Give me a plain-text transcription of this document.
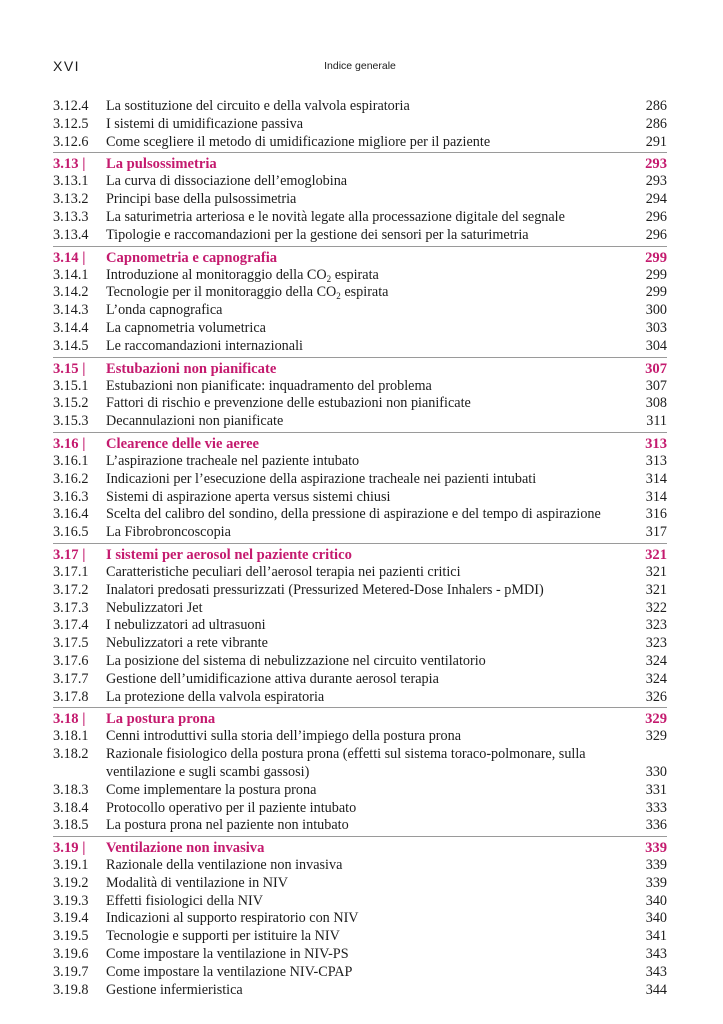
XVI	Indice generale
3.12.4	La sostituzione del circuito e della valvola espiratoria	286
3.12.5	I sistemi di umidificazione passiva	286
3.12.6	Come scegliere il metodo di umidificazione migliore per il paziente	291
3.13 |	La pulsossimetria	293
3.13.1	La curva di dissociazione dell’emoglobina	293
3.13.2	Principi base della pulsossimetria	294
3.13.3	La saturimetria arteriosa e le novità legate alla processazione digitale del segnale	296
3.13.4	Tipologie e raccomandazioni per la gestione dei sensori per la saturimetria	296
3.14 |	Capnometria e capnografia	299
3.14.1	Introduzione al monitoraggio della $CO_2$ espirata	299
3.14.2	Tecnologie per il monitoraggio della $CO_2$ espirata	299
3.14.3	L’onda capnografica	300
3.14.4	La capnometria volumetrica	303
3.14.5	Le raccomandazioni internazionali	304
3.15 |	Estubazioni non pianificate	307
3.15.1	Estubazioni non pianificate: inquadramento del problema	307
3.15.2	Fattori di rischio e prevenzione delle estubazioni non pianificate	308
3.15.3	Decannulazioni non pianificate	311
3.16 |	Clearence delle vie aeree	313
3.16.1	L’aspirazione tracheale nel paziente intubato	313
3.16.2	Indicazioni per l’esecuzione della aspirazione tracheale nei pazienti intubati	314
3.16.3	Sistemi di aspirazione aperta versus sistemi chiusi	314
3.16.4	Scelta del calibro del sondino, della pressione di aspirazione e del tempo di aspirazione	316
3.16.5	La Fibrobroncoscopia	317
3.17 |	I sistemi per aerosol nel paziente critico	321
3.17.1	Caratteristiche peculiari dell’aerosol terapia nei pazienti critici	321
3.17.2	Inalatori predosati pressurizzati (Pressurized Metered-Dose Inhalers - pMDI)	321
3.17.3	Nebulizzatori Jet	322
3.17.4	I nebulizzatori ad ultrasuoni	323
3.17.5	Nebulizzatori a rete vibrante	323
3.17.6	La posizione del sistema di nebulizzazione nel circuito ventilatorio	324
3.17.7	Gestione dell’umidificazione attiva durante aerosol terapia	324
3.17.8	La protezione della valvola espiratoria	326
3.18 |	La postura prona	329
3.18.1	Cenni introduttivi sulla storia dell’impiego della postura prona	329
3.18.2	Razionale fisiologico della postura prona (effetti sul sistema toraco-polmonare, sulla ventilazione e sugli scambi gassosi)	330
3.18.3	Come implementare la postura prona	331
3.18.4	Protocollo operativo per il paziente intubato	333
3.18.5	La postura prona nel paziente non intubato	336
3.19 |	Ventilazione non invasiva	339
3.19.1	Razionale della ventilazione non invasiva	339
3.19.2	Modalità di ventilazione in NIV	339
3.19.3	Effetti fisiologici della NIV	340
3.19.4	Indicazioni al supporto respiratorio con NIV	340
3.19.5	Tecnologie e supporti per istituire la NIV	341
3.19.6	Come impostare la ventilazione in NIV-PS	343
3.19.7	Come impostare la ventilazione NIV-CPAP	343
3.19.8	Gestione infermieristica	344
